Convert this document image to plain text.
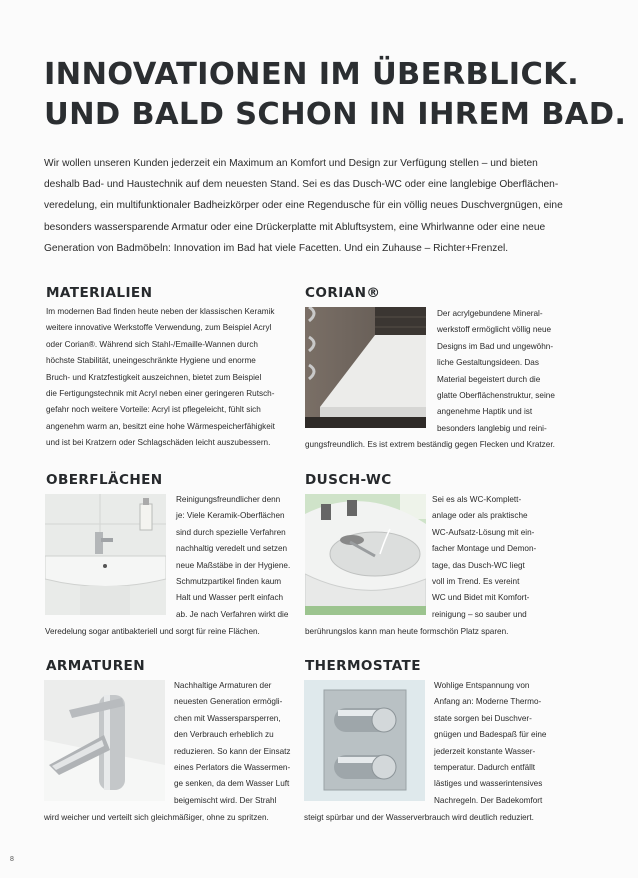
INNOVATIONEN IM ÜBERBLICK.
UND BALD SCHON IN IHREM BAD.
Wir wollen unseren Kunden jederzeit ein Maximum an Komfort und Design zur Verfügung stellen – und bieten
deshalb Bad- und Haustechnik auf dem neuesten Stand. Sei es das Dusch-WC oder eine langlebige Oberflächen-
veredelung, ein multifunktionaler Badheizkörper oder eine Regendusche für ein völlig neues Duschvergnügen, eine
besonders wassersparende Armatur oder eine Drückerplatte mit Abluftsystem, eine Whirlwanne oder eine neue
Generation von Badmöbeln: Innovation im Bad hat viele Facetten. Und ein Zuhause – Richter+Frenzel.
MATERIALIEN
Im modernen Bad finden heute neben der klassischen Keramik
weitere innovative Werkstoffe Verwendung, zum Beispiel Acryl
oder Corian®. Während sich Stahl-/Emaille-Wannen durch
höchste Stabilität, uneingeschränkte Hygiene und enorme
Bruch- und Kratzfestigkeit auszeichnen, bietet zum Beispiel
die Fertigungstechnik mit Acryl neben einer geringeren Rutsch-
gefahr noch weitere Vorteile: Acryl ist pflegeleicht, fühlt sich
angenehm warm an, besitzt eine hohe Wärmespeicherfähigkeit
und ist bei Kratzern oder Schlagschäden leicht auszubessern.
CORIAN®
Der acrylgebundene Mineral-
werkstoff ermöglicht völlig neue
Designs im Bad und ungewöhn-
liche Gestaltungsideen. Das
Material begeistert durch die
glatte Oberflächenstruktur, seine
angenehme Haptik und ist
besonders langlebig und reini-
gungsfreundlich. Es ist extrem beständig gegen Flecken und Kratzer.
OBERFLÄCHEN
Reinigungsfreundlicher denn
je: Viele Keramik-Oberflächen
sind durch spezielle Verfahren
nachhaltig veredelt und setzen
neue Maßstäbe in der Hygiene.
Schmutzpartikel finden kaum
Halt und Wasser perlt einfach
ab. Je nach Verfahren wirkt die
Veredelung sogar antibakteriell und sorgt für reine Flächen.
DUSCH-WC
Sei es als WC-Komplett-
anlage oder als praktische
WC-Aufsatz-Lösung mit ein-
facher Montage und Demon-
tage, das Dusch-WC liegt
voll im Trend. Es vereint
WC und Bidet mit Komfort-
reinigung – so sauber und
berührungslos kann man heute formschön Platz sparen.
ARMATUREN
Nachhaltige Armaturen der
neuesten Generation ermögli-
chen mit Wassersparsperren,
den Verbrauch erheblich zu
reduzieren. So kann der Einsatz
eines Perlators die Wassermen-
ge senken, da dem Wasser Luft
beigemischt wird. Der Strahl
wird weicher und verteilt sich gleichmäßiger, ohne zu spritzen.
THERMOSTATE
Wohlige Entspannung von
Anfang an: Moderne Thermo-
state sorgen bei Duschver-
gnügen und Badespaß für eine
jederzeit konstante Wasser-
temperatur. Dadurch entfällt
lästiges und wasserintensives
Nachregeln. Der Badekomfort
steigt spürbar und der Wasserverbrauch wird deutlich reduziert.
8
